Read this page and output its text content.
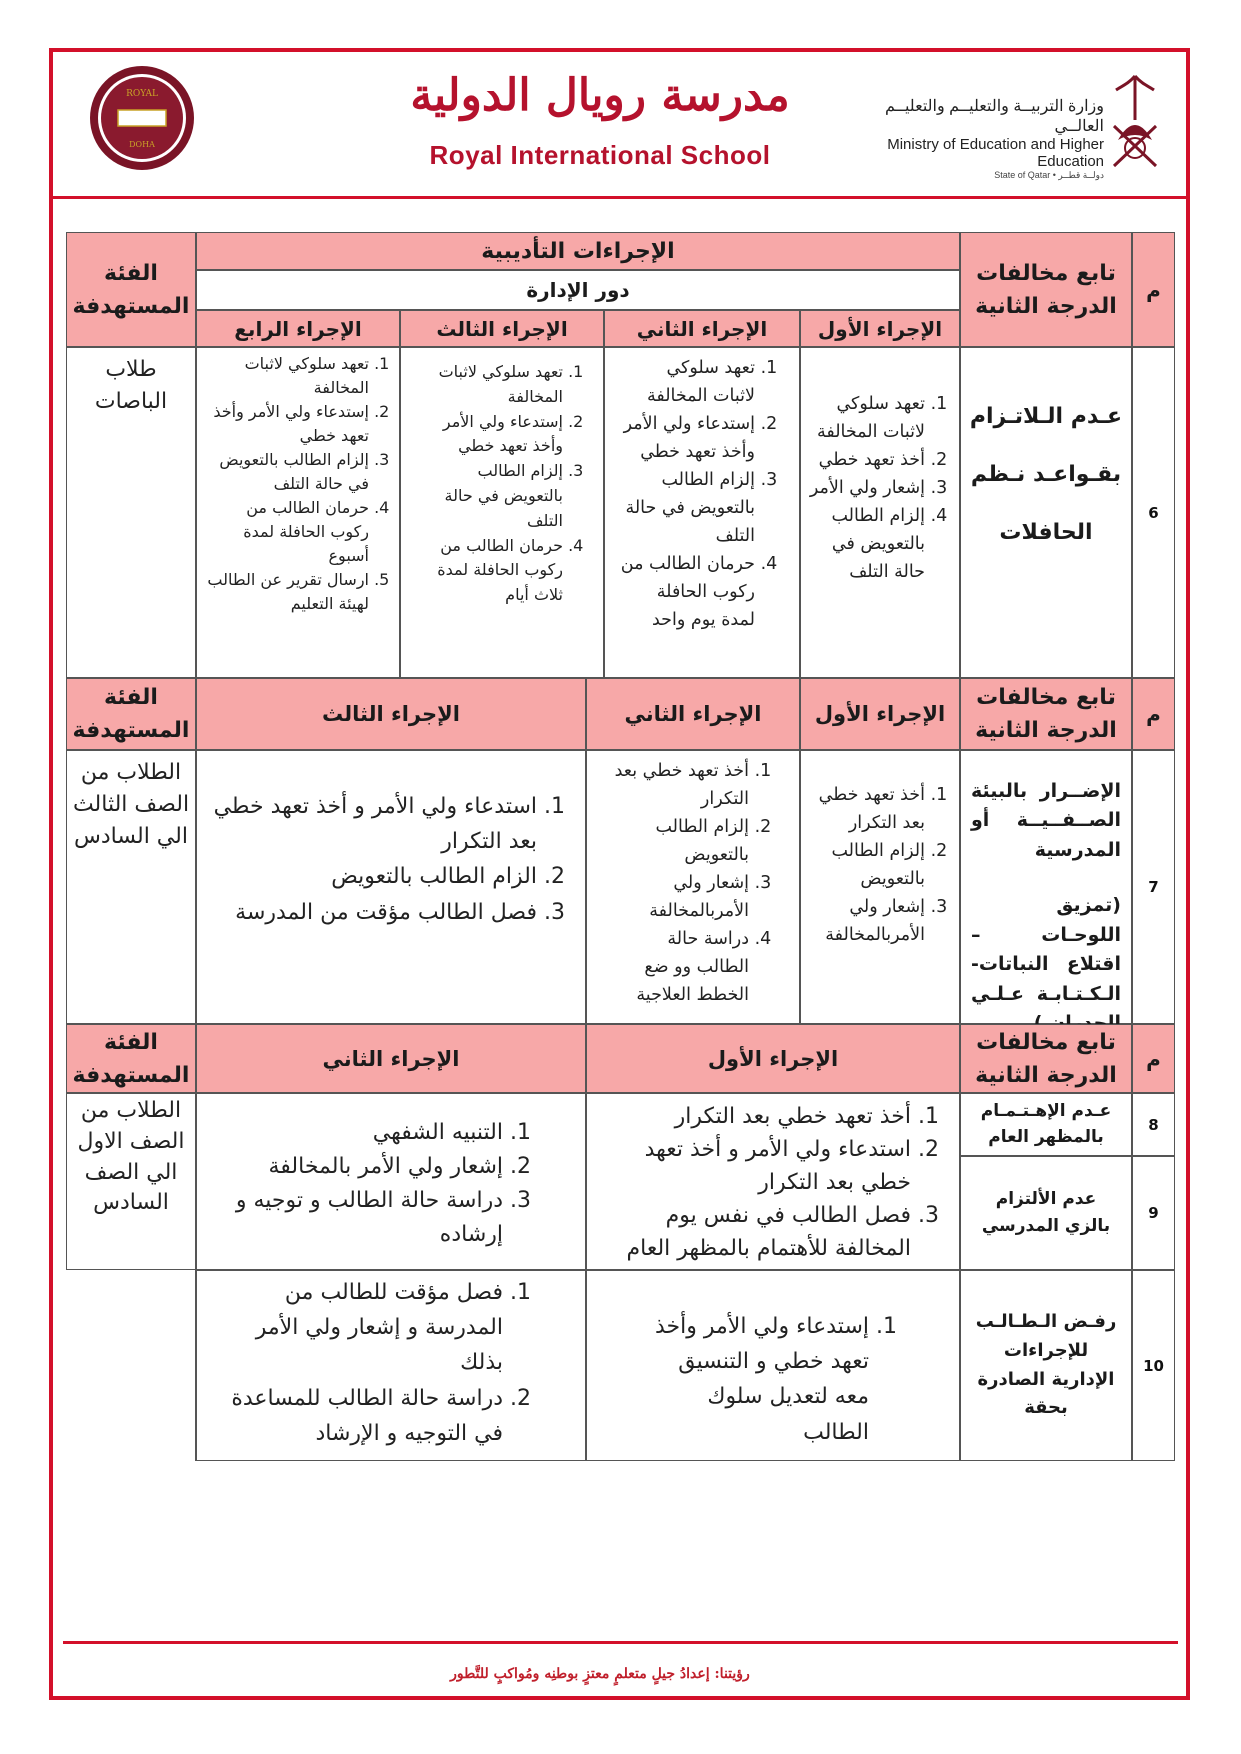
ROYAL
DOHA
مدرسة رويال الدولية
Royal International School
وزارة التربيــة والتعليــم والتعليــم العالــي
Ministry of Education and Higher Education
State of Qatar • دولــة قطــر
م
تابع مخالفات الدرجة الثانية
الإجراءات التأديبية
دور الإدارة
الفئة المستهدفة
الإجراء الأول
الإجراء الثاني
الإجراء الثالث
الإجراء الرابع
6
عـدم الـلاتـزام
بقـواعـد نـظم
الحافلات
1. تعهد سلوكي لاثبات المخالفة
2. أخذ تعهد خطي
3. إشعار ولي الأمر
4. إلزام الطالب بالتعويض في حالة التلف
1. تعهد سلوكي لاثبات المخالفة
2. إستدعاء ولي الأمر وأخذ تعهد خطي
3. إلزام الطالب بالتعويض في حالة التلف
4. حرمان الطالب من ركوب الحافلة لمدة يوم واحد
1. تعهد سلوكي لاثبات المخالفة
2. إستدعاء ولي الأمر وأخذ تعهد خطي
3. إلزام الطالب بالتعويض في حالة التلف
4. حرمان الطالب من ركوب الحافلة لمدة ثلاث أيام
1. تعهد سلوكي لاثبات المخالفة
2. إستدعاء ولي الأمر وأخذ تعهد خطي
3. إلزام الطالب بالتعويض في حالة التلف
4. حرمان الطالب من ركوب الحافلة لمدة أسبوع
5. ارسال تقرير عن الطالب لهيئة التعليم
طلاب الباصات
م
تابع مخالفات الدرجة الثانية
الإجراء الأول
الإجراء الثاني
الإجراء الثالث
الفئة المستهدفة
7
الإضــرار بالبيئة الصــفــيــة أو المدرسية
(تمزيق اللوحـات – اقتلاع النباتات- الـكـتـابـة عـلـي
1. أخذ تعهد خطي بعد التكرار
2. إلزام الطالب بالتعويض
3. إشعار ولي الأمربالمخالفة
1. أخذ تعهد خطي بعد التكرار
2. إلزام الطالب بالتعويض
3. إشعار ولي الأمربالمخالفة
4. دراسة حالة الطالب وو ضع الخطط العلاجية
1. استدعاء ولي الأمر و أخذ تعهد خطي بعد التكرار
2. الزام الطالب بالتعويض
3. فصل الطالب مؤقت من المدرسة
الطلاب من الصف الثالث الي السادس
م
تابع مخالفات الدرجة الثانية
الإجراء الأول
الإجراء الثاني
الفئة المستهدفة
8
عـدم الإهـتـمـام بالمظهر العام
9
عدم الألتزام بالزي المدرسي
1. أخذ تعهد خطي بعد التكرار
2. استدعاء ولي الأمر و أخذ تعهد خطي بعد التكرار
3. فصل الطالب في نفس يوم المخالفة للأهتمام بالمظهر العام
1. التنبيه الشفهي
2. إشعار ولي الأمر بالمخالفة
3. دراسة حالة الطالب و توجيه و إرشاده
الطلاب من الصف الاول الي الصف السادس
10
رفـض الـطـالـب للإجراءات الإدارية الصادرة بحقة
1. إستدعاء ولي الأمر وأخذ تعهد خطي و التنسيق معه لتعديل سلوك الطالب
1. فصل مؤقت للطالب من المدرسة و إشعار ولي الأمر بذلك
2. دراسة حالة الطالب للمساعدة في التوجيه و الإرشاد
رؤيتنا: إعدادُ جيلٍ متعلمٍ معتزٍ بوطنِه ومُواكبٍ للتَّطور
